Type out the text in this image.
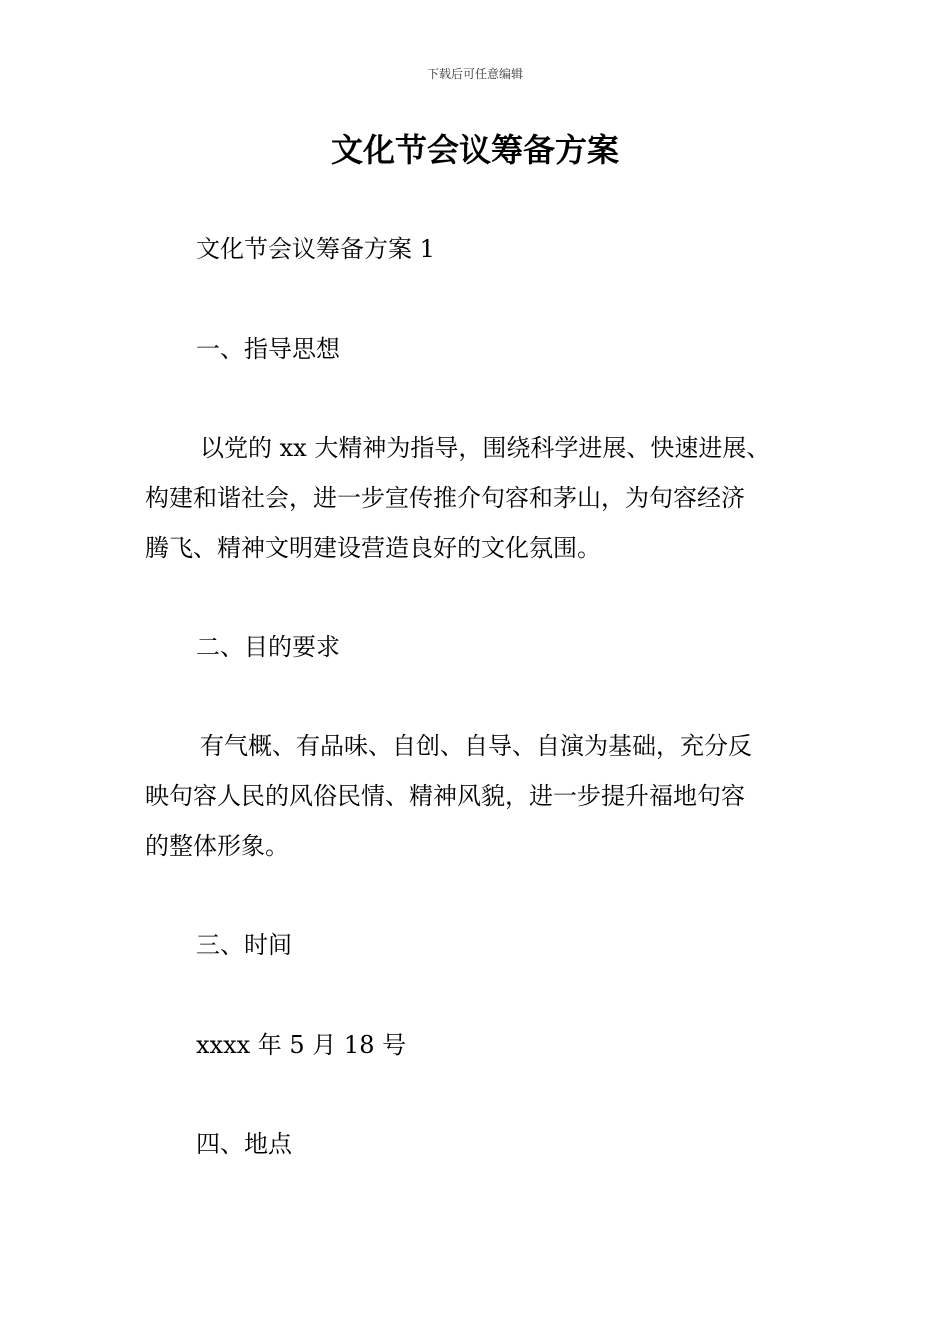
下载后可任意编辑
文化节会议筹备方案

文化节会议筹备方案 1

一、指导思想

以党的 xx 大精神为指导，围绕科学进展、快速进展、
构建和谐社会，进一步宣传推介句容和茅山，为句容经济
腾飞、精神文明建设营造良好的文化氛围。

二、目的要求

有气概、有品味、自创、自导、自演为基础，充分反
映句容人民的风俗民情、精神风貌，进一步提升福地句容
的整体形象。

三、时间

xxxx 年 5 月 18 号

四、地点
